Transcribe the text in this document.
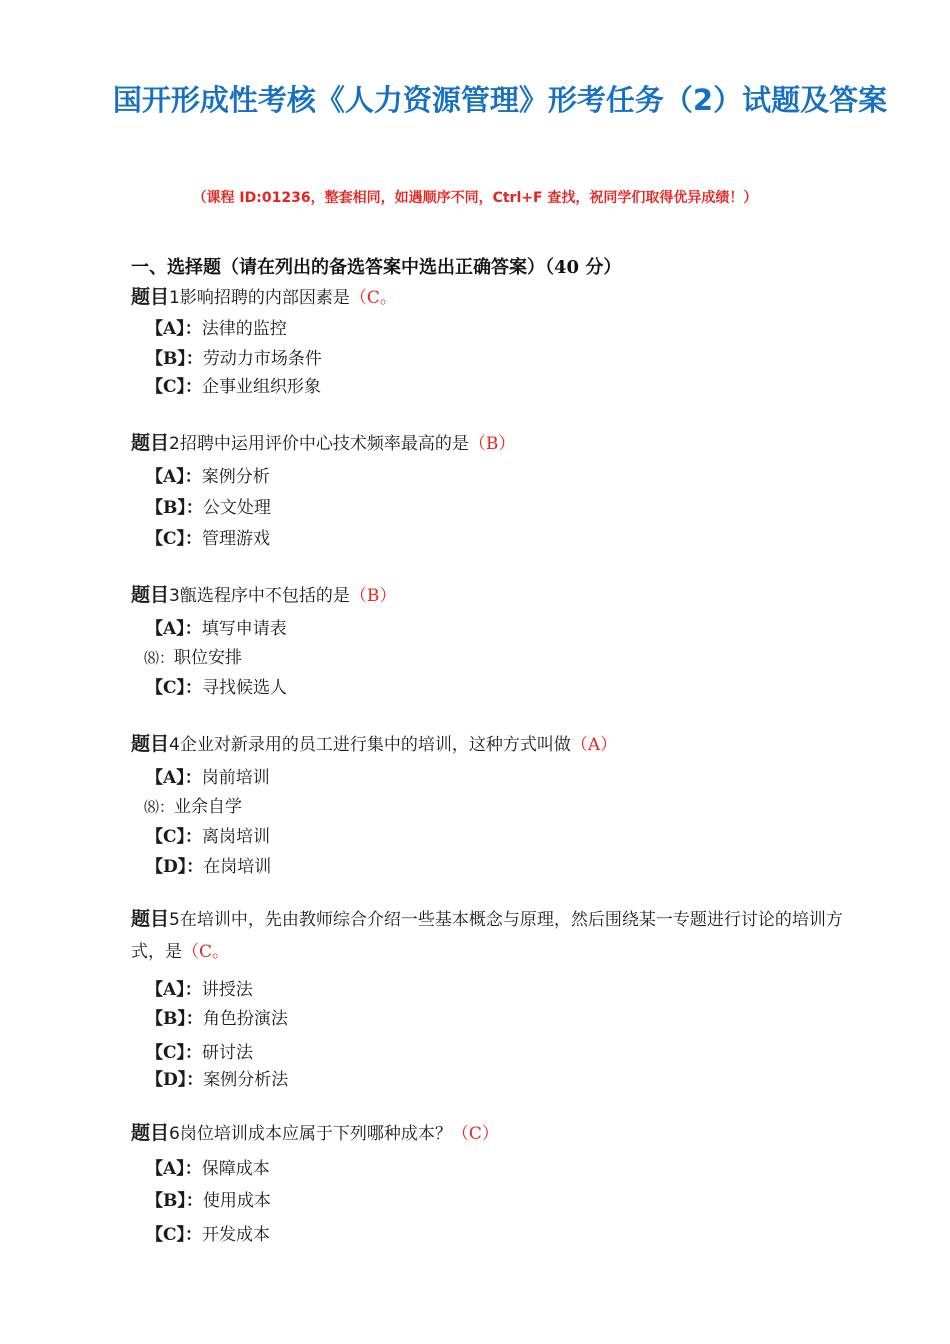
国开形成性考核《人力资源管理》形考任务（2）试题及答案
（课程 ID:01236，整套相同，如遇顺序不同，Ctrl+F 查找，祝同学们取得优异成绩！）
一、选择题（请在列出的备选答案中选出正确答案）（40 分）
题目1影响招聘的内部因素是（C。
【A】：法律的监控
【B】：劳动力市场条件
【C】：企事业组织形象
题目2招聘中运用评价中心技术频率最高的是（B）
【A】：案例分析
【B】：公文处理
【C】：管理游戏
题目3甑选程序中不包括的是（B）
【A】：填写申请表
⑻：职位安排
【C】：寻找候选人
题目4企业对新录用的员工进行集中的培训，这种方式叫做（A）
【A】：岗前培训
⑻：业余自学
【C】：离岗培训
【D】：在岗培训
题目5在培训中，先由教师综合介绍一些基本概念与原理，然后围绕某一专题进行讨论的培训方式，是（C。
【A】：讲授法
【B】：角色扮演法
【C】：研讨法
【D】：案例分析法
题目6岗位培训成本应属于下列哪种成本？（C）
【A】：保障成本
【B】：使用成本
【C】：开发成本
